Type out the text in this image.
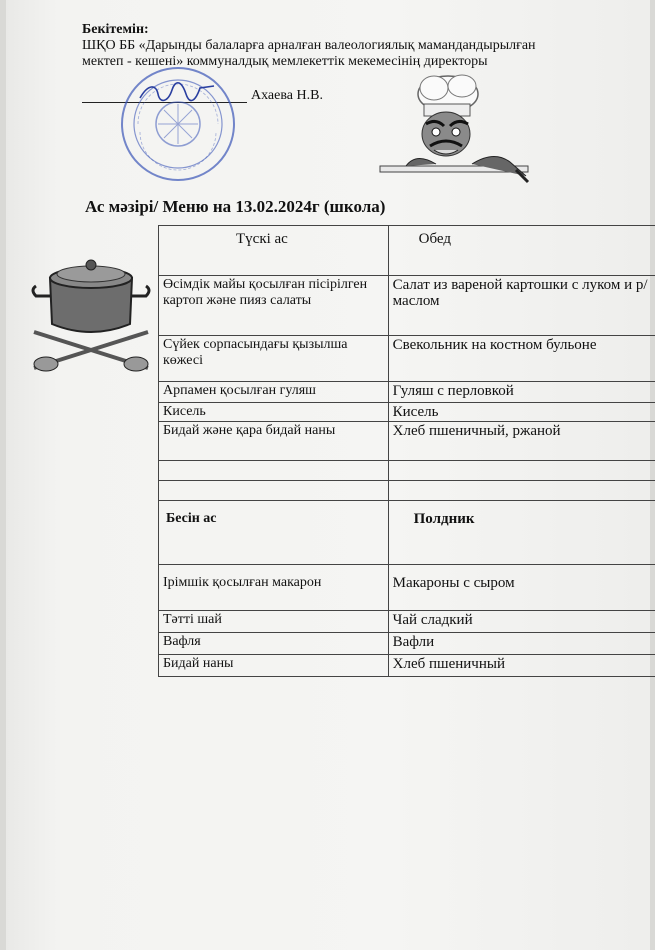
Бекітемін:
ШҚО ББ «Дарынды балаларға арналған валеологиялық мамандандырылған
мектеп - кешені» коммуналдық мемлекеттік мекемесінің директоры
Ахаева Н.В.
Ас мәзірі/ Меню на 13.02.2024г (школа)
Түскі ас	Обед
Өсімдік майы қосылған пісірілген картоп және пияз салаты	Салат из вареной картошки с луком и р/маслом
Сүйек сорпасындағы қызылша көжесі	Свекольник на костном бульоне
Арпамен қосылған гуляш	Гуляш с перловкой
Кисель	Кисель
Бидай және қара бидай наны	Хлеб пшеничный, ржаной

Бесін ас	Полдник
Ірімшік қосылған макарон	Макароны с сыром
Тәтті шай	Чай сладкий
Вафля	Вафли
Бидай наны	Хлеб пшеничный
